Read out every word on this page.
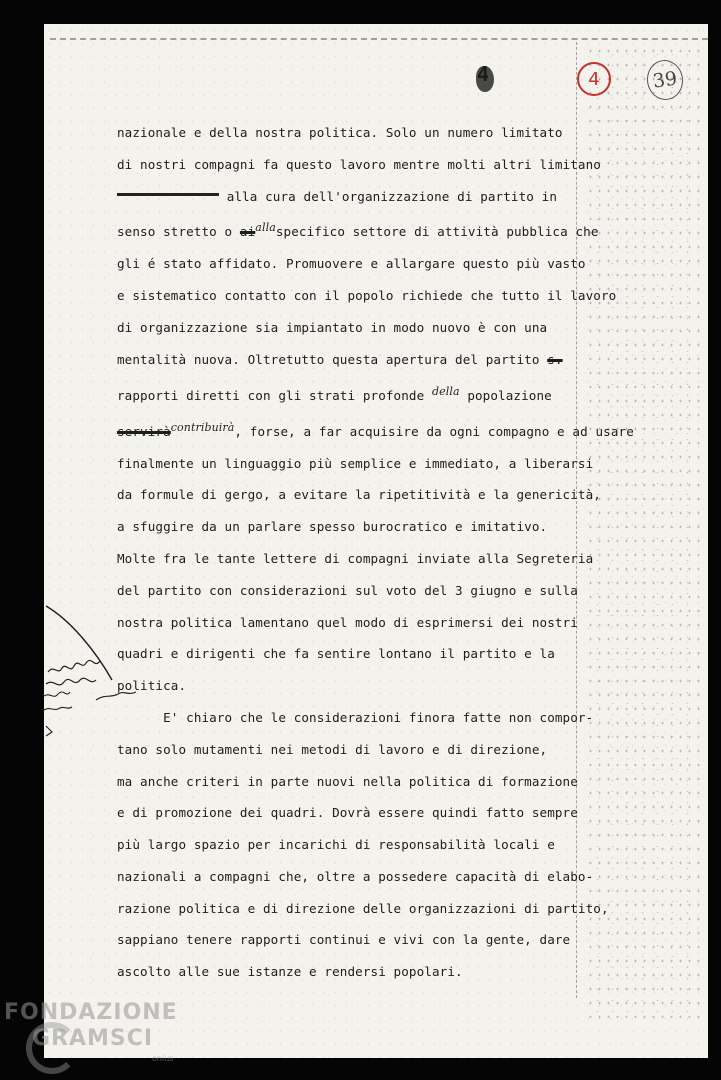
4	4	39
nazionale e della nostra politica. Solo un numero limitato
di nostri compagni fa questo lavoro mentre molti altri limitano
alla cura dell'organizzazione di partito in
senso stretto o $ai^{alla}specifico$ settore di attività pubblica che
gli é stato affidato. Promuovere e allargare questo più vasto
e sistematico contatto con il popolo richiede che tutto il lavoro
di organizzazione sia impiantato in modo nuovo è con una
mentalità nuova. Oltretutto questa apertura del partito s.
rapporti diretti con gli strati profonde $^{della}$ popolazione
servirà$^{contribuirà}$, forse, a far acquisire da ogni compagno e ad usare
finalmente un linguaggio più semplice e immediato, a liberarsi
da formule di gergo, a evitare la ripetitività e la genericità,
a sfuggire da un parlare spesso burocratico e imitativo.
Molte fra le tante lettere di compagni inviate alla Segreteria
del partito con considerazioni sul voto del 3 giugno e sulla
nostra politica lamentano quel modo di esprimersi dei nostri
quadri e dirigenti che fa sentire lontano il partito e la
politica.
E' chiaro che le considerazioni finora fatte non compor-
tano solo mutamenti nei metodi di lavoro e di direzione,
ma anche criteri in parte nuovi nella politica di formazione
e di promozione dei quadri. Dovrà essere quindi fatto sempre
più largo spazio per incarichi di responsabilità locali e
nazionali a compagni che, oltre a possedere capacità di elabo-
razione politica e di direzione delle organizzazioni di partito,
sappiano tenere rapporti continui e vivi con la gente, dare
ascolto alle sue istanze e rendersi popolari.
FONDAZIONE
GRAMSCI
onlus
